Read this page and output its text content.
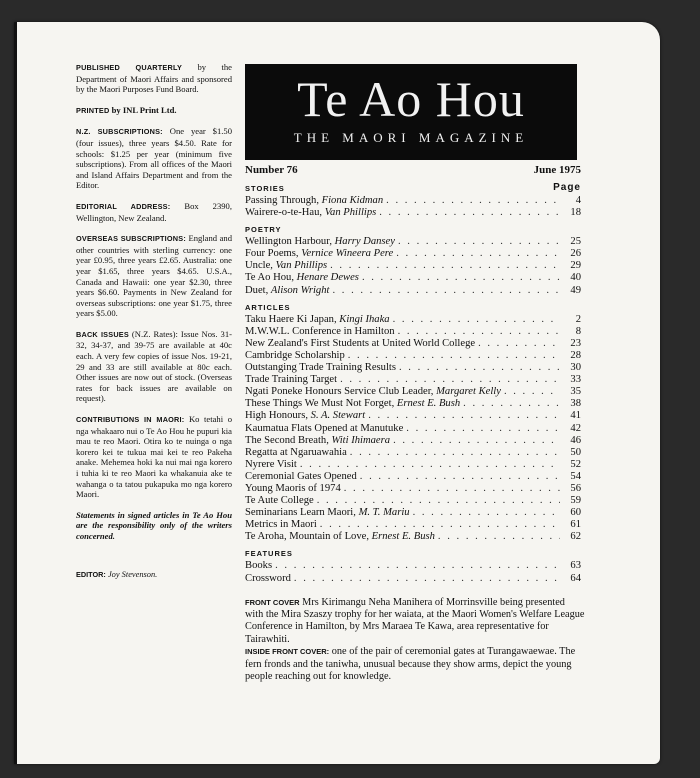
PUBLISHED QUARTERLY by the Department of Maori Affairs and sponsored by the Maori Purposes Fund Board.

PRINTED by INL Print Ltd.

N.Z. SUBSCRIPTIONS: One year $1.50 (four issues), three years $4.50. Rate for schools: $1.25 per year (minimum five subscriptions). From all offices of the Maori and Island Affairs Department and from the Editor.

EDITORIAL ADDRESS: Box 2390, Wellington, New Zealand.

OVERSEAS SUBSCRIPTIONS: England and other countries with sterling currency: one year £0.95, three years £2.65. Australia: one year $1.65, three years $4.65. U.S.A., Canada and Hawaii: one year $2.30, three years $6.60. Payments in New Zealand for overseas subscriptions: one year $1.75, three years $5.00.

BACK ISSUES (N.Z. Rates): Issue Nos. 31-32, 34-37, and 39-75 are available at 40c each. A very few copies of issue Nos. 19-21, 29 and 33 are still available at 80c each. Other issues are now out of stock. (Overseas rates for back issues are available on request).

CONTRIBUTIONS IN MAORI: Ko tetahi o nga whakaaro nui o Te Ao Hou he pupuri kia mau te reo Maori. Otira ko te nuinga o nga korero kei te tukua mai kei te reo Pakeha anake. Mehemea hoki ka nui mai nga korero i tuhia ki te reo Maori ka whakanuia ake te wahanga o ta tatou pukapuka mo nga korero Maori.

Statements in signed articles in Te Ao Hou are the responsibility only of the writers concerned.

EDITOR: Joy Stevenson.

Te Ao Hou
THE MAORI MAGAZINE
Number 76	June 1975
STORIES	Page
Passing Through, Fiona Kidman . . .	4
Wairere-o-te-Hau, Van Phillips . . .	18
POETRY
Wellington Harbour, Harry Dansey . . .	25
Four Poems, Vernice Wineera Pere . . .	26
Uncle, Van Phillips . . .	29
Te Ao Hou, Henare Dewes . . .	40
Duet, Alison Wright . . .	49
ARTICLES
Taku Haere Ki Japan, Kingi Ihaka . . .	2
M.W.W.L. Conference in Hamilton . . .	8
New Zealand's First Students at United World College . . .	23
Cambridge Scholarship . . .	28
Outstanging Trade Training Results . . .	30
Trade Training Target . . .	33
Ngati Poneke Honours Service Club Leader, Margaret Kelly . . .	35
These Things We Must Not Forget, Ernest E. Bush . . .	38
High Honours, S. A. Stewart . . .	41
Kaumatua Flats Opened at Manutuke . . .	42
The Second Breath, Witi Ihimaera . . .	46
Regatta at Ngaruawahia . . .	50
Nyrere Visit . . .	52
Ceremonial Gates Opened . . .	54
Young Maoris of 1974 . . .	56
Te Aute College . . .	59
Seminarians Learn Maori, M. T. Mariu . . .	60
Metrics in Maori . . .	61
Te Aroha, Mountain of Love, Ernest E. Bush . . .	62
FEATURES
Books . . .	63
Crossword . . .	64

FRONT COVER Mrs Kirimangu Neha Manihera of Morrinsville being presented with the Mira Szaszy trophy for her waiata, at the Maori Women's Welfare League Conference in Hamilton, by Mrs Maraea Te Kawa, area representative for Tairawhiti.

INSIDE FRONT COVER: one of the pair of ceremonial gates at Turangawaewae. The fern fronds and the taniwha, unusual because they show arms, depict the young people reaching out for knowledge.
